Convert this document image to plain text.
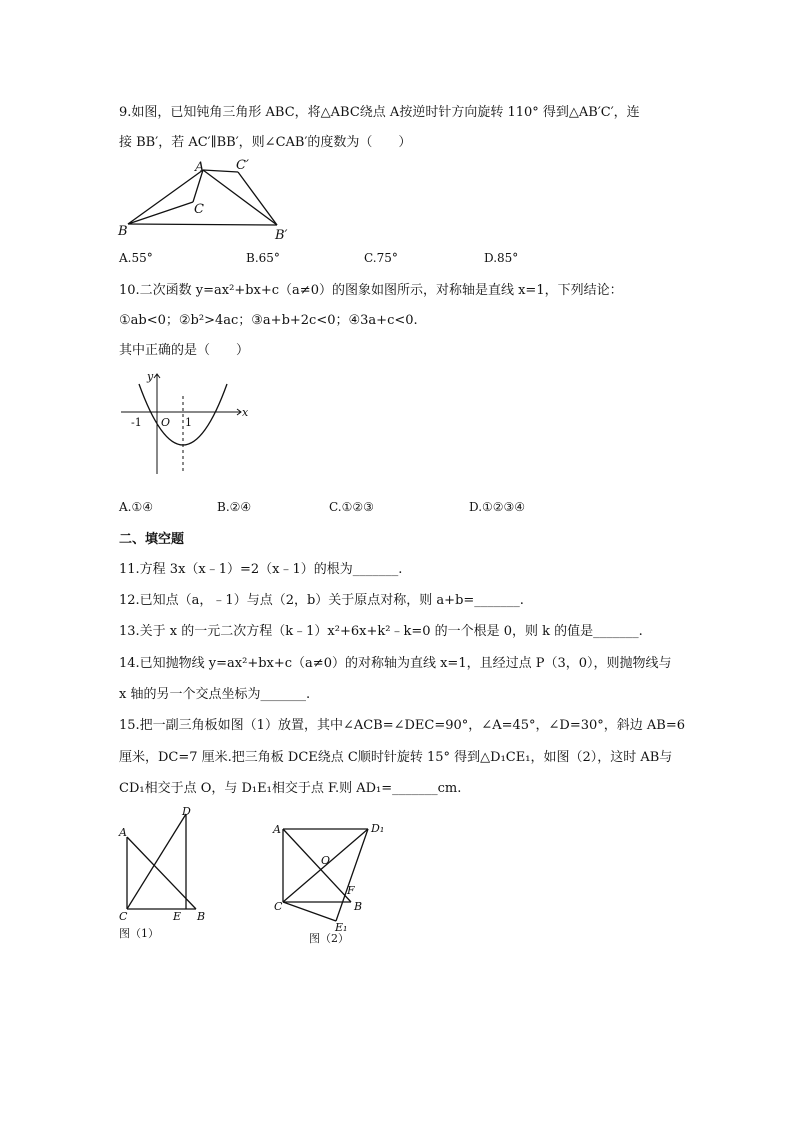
9.如图，已知钝角三角形 ABC，将△ABC绕点 A按逆时针方向旋转 110° 得到△AB′C′，连
接 BB′，若 AC′∥BB′，则∠CAB′的度数为（　　）
A C′
C
B	B′
A.55°	B.65°	C.75°	D.85°
10.二次函数 y=ax²+bx+c（a≠0）的图象如图所示，对称轴是直线 x=1，下列结论：
①ab<0；②b²>4ac；③a+b+2c<0；④3a+c<0.
其中正确的是（　　）
y
x
-1 O 1
A.①④	B.②④	C.①②③	D.①②③④
二、填空题
11.方程 3x（x﹣1）=2（x﹣1）的根为_______.
12.已知点（a，﹣1）与点（2，b）关于原点对称，则 a+b=_______.
13.关于 x 的一元二次方程（k﹣1）x²+6x+k²﹣k=0 的一个根是 0，则 k 的值是_______.
14.已知抛物线 y=ax²+bx+c（a≠0）的对称轴为直线 x=1，且经过点 P（3，0），则抛物线与
x 轴的另一个交点坐标为_______.
15.把一副三角板如图（1）放置，其中∠ACB=∠DEC=90°，∠A=45°，∠D=30°，斜边 AB=6
厘米，DC=7 厘米.把三角板 DCE绕点 C顺时针旋转 15° 得到△D₁CE₁，如图（2），这时 AB与
CD₁相交于点 O，与 D₁E₁相交于点 F.则 AD₁=_______cm.
A
D
C	E B
图（1）
A	D₁
O
F
C	B
E₁
图（2）
